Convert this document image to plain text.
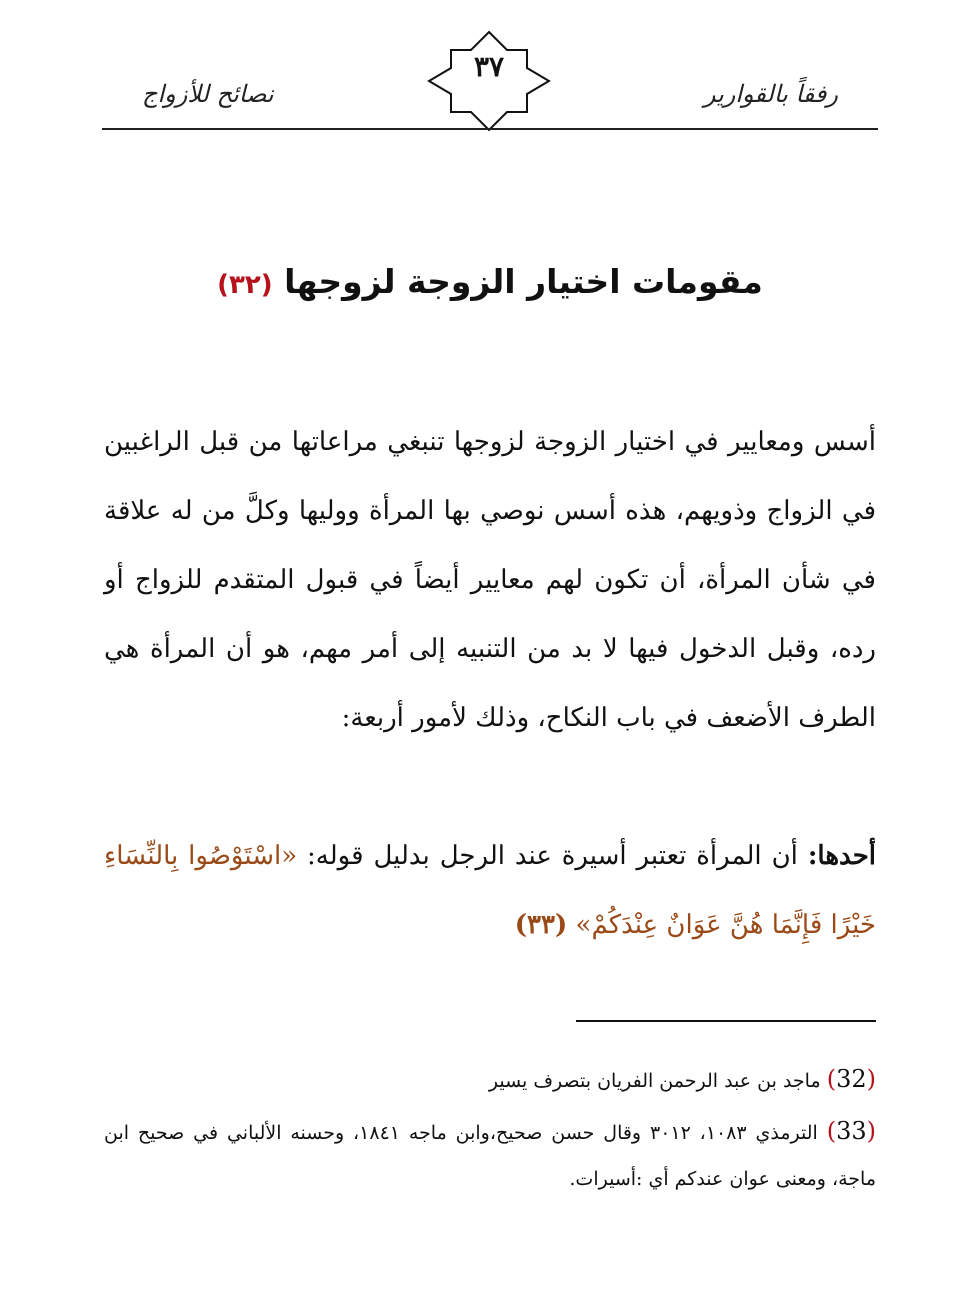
رفقاً بالقوارير
٣٧
نصائح للأزواج
مقومات اختيار الزوجة لزوجها (٣٢)

أسس ومعايير في اختيار الزوجة لزوجها تنبغي مراعاتها من قبل الراغبين في الزواج وذويهم، هذه أسس نوصي بها المرأة ووليها وكلَّ من له علاقة في شأن المرأة، أن تكون لهم معايير أيضاً في قبول المتقدم للزواج أو رده، وقبل الدخول فيها لا بد من التنبيه إلى أمر مهم، هو أن المرأة هي الطرف الأضعف في باب النكاح، وذلك لأمور أربعة:

أحدها: أن المرأة تعتبر أسيرة عند الرجل بدليل قوله: «اسْتَوْصُوا بِالنِّسَاءِ خَيْرًا فَإِنَّمَا هُنَّ عَوَانٌ عِنْدَكُمْ» (٣٣)

(32) ماجد بن عبد الرحمن الفريان بتصرف يسير

(33) الترمذي ١٠٨٣، ٣٠١٢ وقال حسن صحيح،وابن ماجه ١٨٤١، وحسنه الألباني في صحيح ابن ماجة، ومعنى عوان عندكم أي :أسيرات.
